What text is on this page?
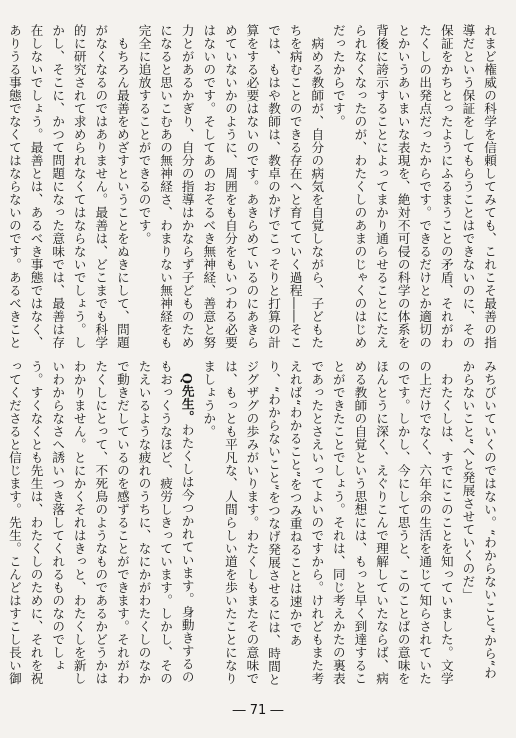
れまど権威の科学を信頼してみても、これこそ最善の指導だという保証をしてもらうことはできないのに、その保証をかちとったようにふるまうことの矛盾、それがわたくしの出発点だったからです。できるだけとか適切のとかいうあいまいな表現を、絶対不可侵の科学の体系を背後に誇示することによってまかり通らせることにたえられなくなったのが、わたくしのあまのじゃくのはじめだったからです。

病める教師が、自分の病気を自覚しながら、子どもたちを病むことのできる存在へと育てていく過程――そこでは、もはや教師は、教卓のかげでこっそりと打算の計算をする必要はないのです。あきらめているのにあきらめていないかのように、周囲をも自分をもいつわる必要はないのです。そしてあのおそるべき無神経、善意と努力とがあるかぎり、自分の指導はかならず子どものためになると思いこむあの無神経さ、わまりない無神経をも完全に追放することができるのです。

もちろん最善をめざすということをぬきにして、問題がなくなるのではありません。最善は、どこまでも科学的に研究されて求められなくてはならないでしょう。しかし、そこに、かつて問題になった意味では、最善は存在しないでしょう。最善とは、あるべき事態ではなく、ありうる事態でなくてはならないのです。あるべきこと

みちびいていくのではない。“わからないこと”から“わからないこと”へと発展させていくのだ」

わたくしは、すでにこのことを知っていました。文学の上だけでなく、六年余の生活を通じて知らされていたのです。しかし、今にして思うと、このことばの意味をほんとうに深く、えぐりこんで理解していたならば、病める教師の自覚という思想には、もっと早く到達することができたことでしょう。それは、同じ考えかたの裏表であったとさえいってよいのですから。けれどもまた考えれば“わかること”をつみ重ねることは速かであり、“わからないこと”をつなげ発展させるには、時間とジグザグの歩みがいります。わたくしもまたその意味では、もっとも平凡な、人間らしい道を歩いたことになりましょうか。

Q先生。わたくしは今つかれています。身動きするのもおっくうなほど、疲労しきっています。しかし、そのたえいるような疲れのうちに、なにかがわたくしのなかで動きだしているのを感ずることができます。それがわたくしにとって、不死鳥のようなものであるかどうかはわかりません。とにかくそれはきっと、わたくしを新しいわからなさへ誘いつき落してくれるものなのでしょう。すくなくとも先生は、わたくしのために、それを祝ってくださると信じます。先生。こんどはすこし長い御

― 71 ―
